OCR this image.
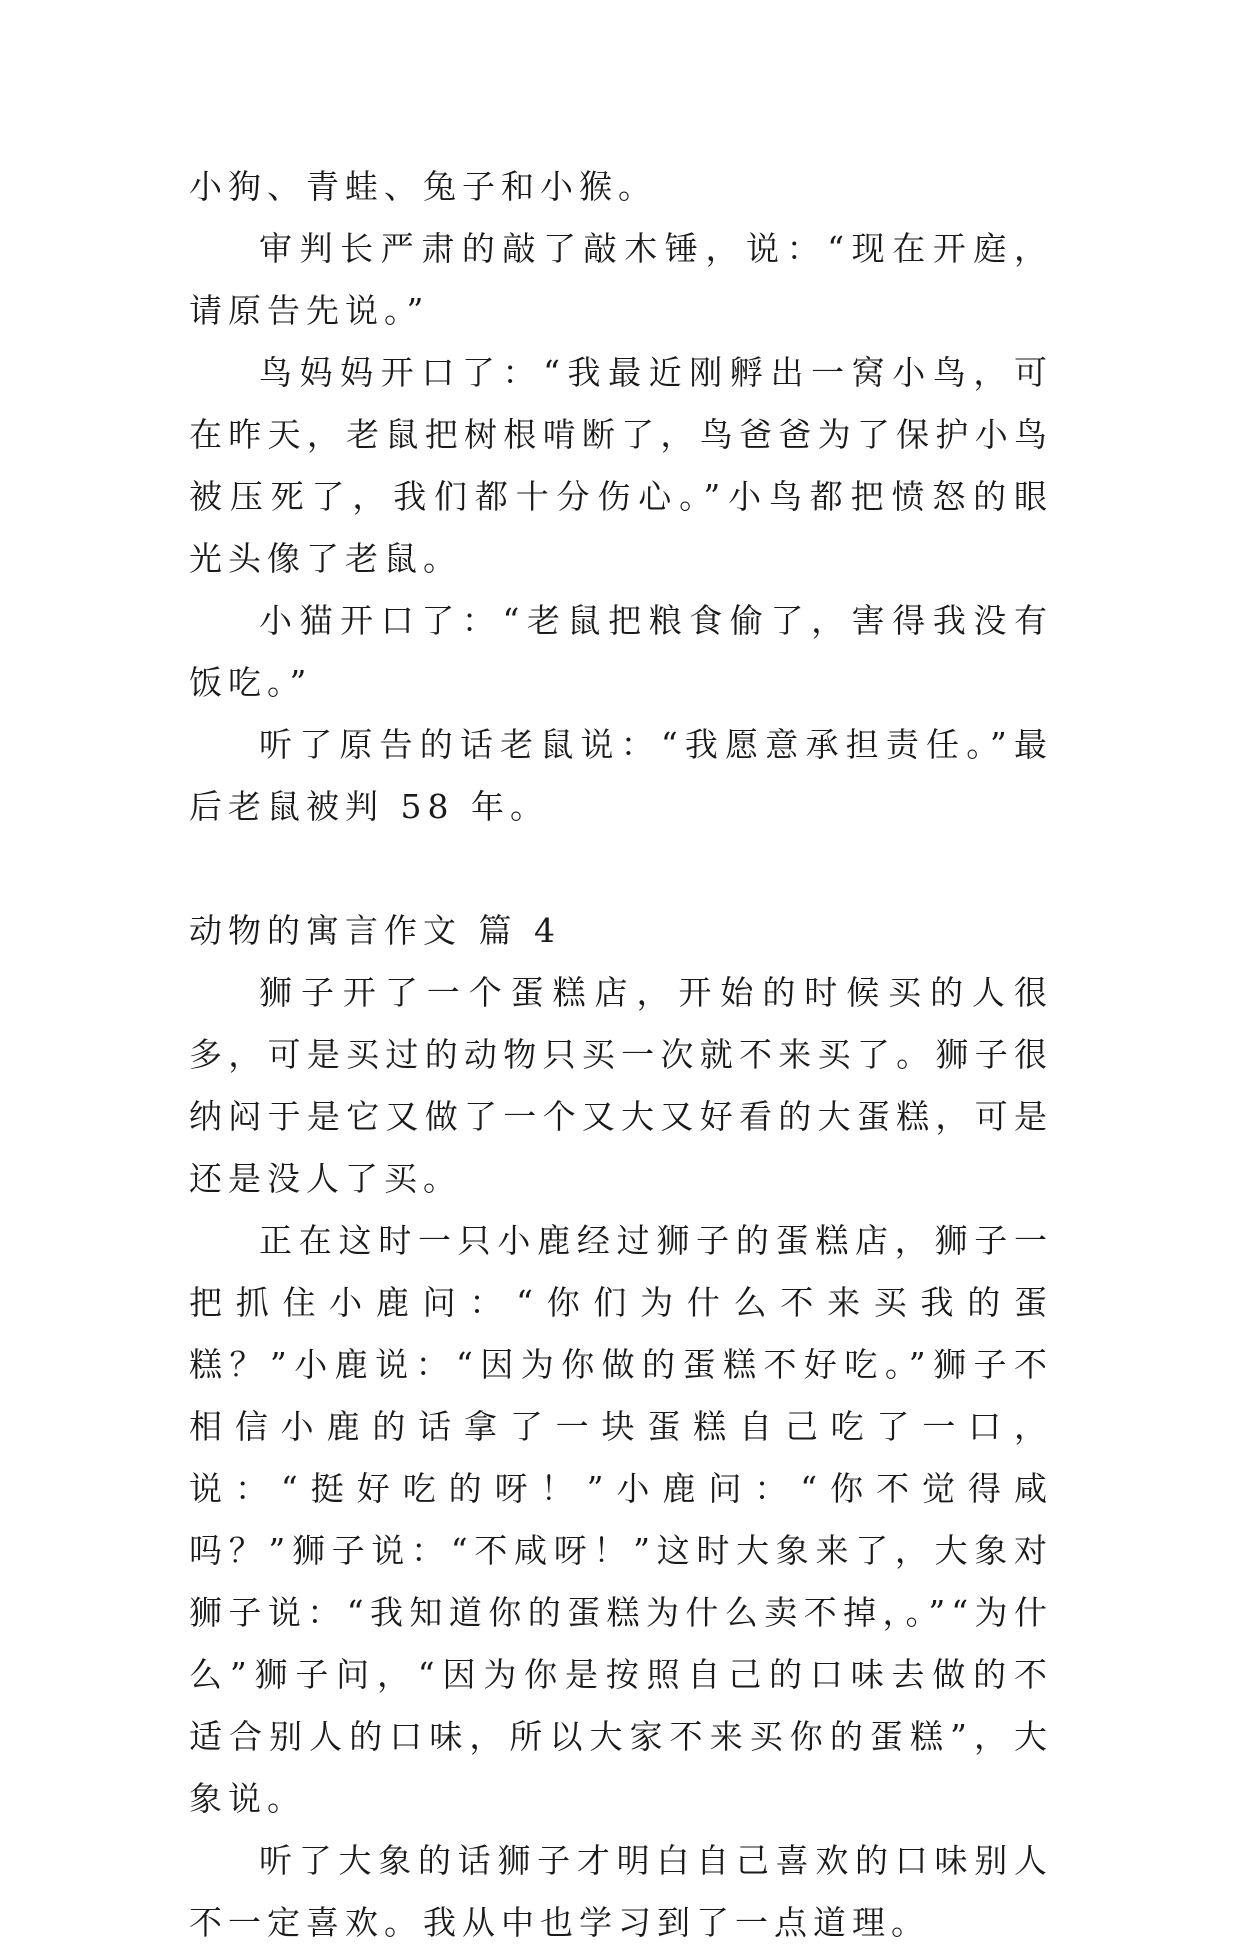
小狗、青蛙、兔子和小猴。

审判长严肃的敲了敲木锤，说：“现在开庭，请原告先说。”

鸟妈妈开口了：“我最近刚孵出一窝小鸟，可在昨天，老鼠把树根啃断了，鸟爸爸为了保护小鸟被压死了，我们都十分伤心。”小鸟都把愤怒的眼光头像了老鼠。

小猫开口了：“老鼠把粮食偷了，害得我没有饭吃。”

听了原告的话老鼠说：“我愿意承担责任。”最后老鼠被判 58 年。

动物的寓言作文 篇 4

狮子开了一个蛋糕店，开始的时候买的人很多，可是买过的动物只买一次就不来买了。狮子很纳闷于是它又做了一个又大又好看的大蛋糕，可是还是没人了买。

正在这时一只小鹿经过狮子的蛋糕店，狮子一把抓住小鹿问：“你们为什么不来买我的蛋糕？”小鹿说：“因为你做的蛋糕不好吃。”狮子不相信小鹿的话拿了一块蛋糕自己吃了一口，说：“挺好吃的呀！”小鹿问：“你不觉得咸吗？”狮子说：“不咸呀！”这时大象来了，大象对狮子说：“我知道你的蛋糕为什么卖不掉，。”“为什么”狮子问，“因为你是按照自己的口味去做的不适合别人的口味，所以大家不来买你的蛋糕”，大象说。

听了大象的话狮子才明白自己喜欢的口味别人不一定喜欢。我从中也学习到了一点道理。
